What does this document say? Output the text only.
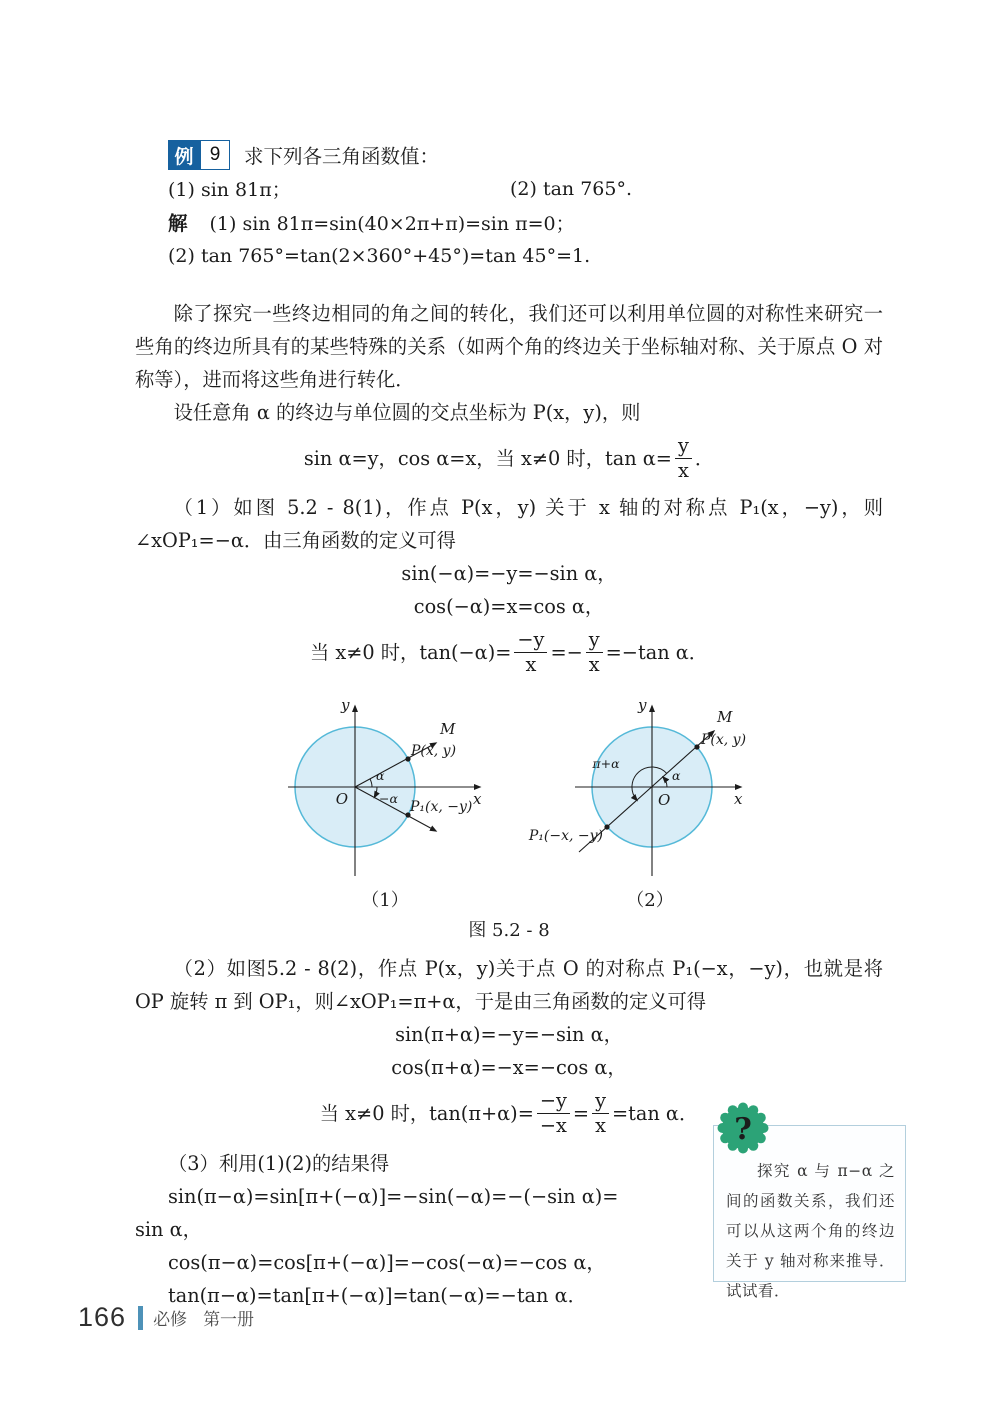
例 9	求下列各三角函数值：
(1) sin 81π；	(2) tan 765°.
解 (1) sin 81π=sin(40×2π+π)=sin π=0；
(2) tan 765°=tan(2×360°+45°)=tan 45°=1.

除了探究一些终边相同的角之间的转化，我们还可以利用单位圆的对称性来研究一些角的终边所具有的某些特殊的关系（如两个角的终边关于坐标轴对称、关于原点 O 对称等），进而将这些角进行转化．

设任意角 α 的终边与单位圆的交点坐标为 P(x，y)，则

sin α=y，cos α=x，当 x≠0 时，$\tan \alpha= \frac{y}{x}$ ．

（1）如图 5.2 - 8(1)，作点 P(x，y) 关于 x 轴的对称点 P₁(x，−y)，则∠xOP₁=−α．由三角函数的定义可得

sin(−α)=−y=−sin α，
cos(−α)=x=cos α，
当 x≠0 时，$\tan(-\alpha)= \frac{-y}{x} =- \frac{y}{x} =-\tan$ α．
y
x
O
M
P(x, y)
P₁(x, −y)
α
−α
y
x
O
M
P(x, y)
P₁(−x, −y)
α
π+α
（1）	（2）
图 5.2 - 8

（2）如图5.2 - 8(2)，作点 P(x，y)关于点 O 的对称点 P₁(−x，−y)，也就是将 OP 旋转 π 到 OP₁，则∠xOP₁=π+α，于是由三角函数的定义可得

sin(π+α)=−y=−sin α，
cos(π+α)=−x=−cos α，
当 x≠0 时，$\tan(\pi+\alpha)= \frac{-y}{-x} = \frac{y}{x} =\tan$ α．
（3）利用(1)(2)的结果得
sin(π−α)=sin[π+(−α)]=−sin(−α)=−(−sin α)=
sin α，
cos(π−α)=cos[π+(−α)]=−cos(−α)=−cos α，
tan(π−α)=tan[π+(−α)]=tan(−α)=−tan α．
?

探究 α 与 π−α 之间的函数关系，我们还可以从这两个角的终边关于 y 轴对称来推导．试试看．

166 必修 第一册
